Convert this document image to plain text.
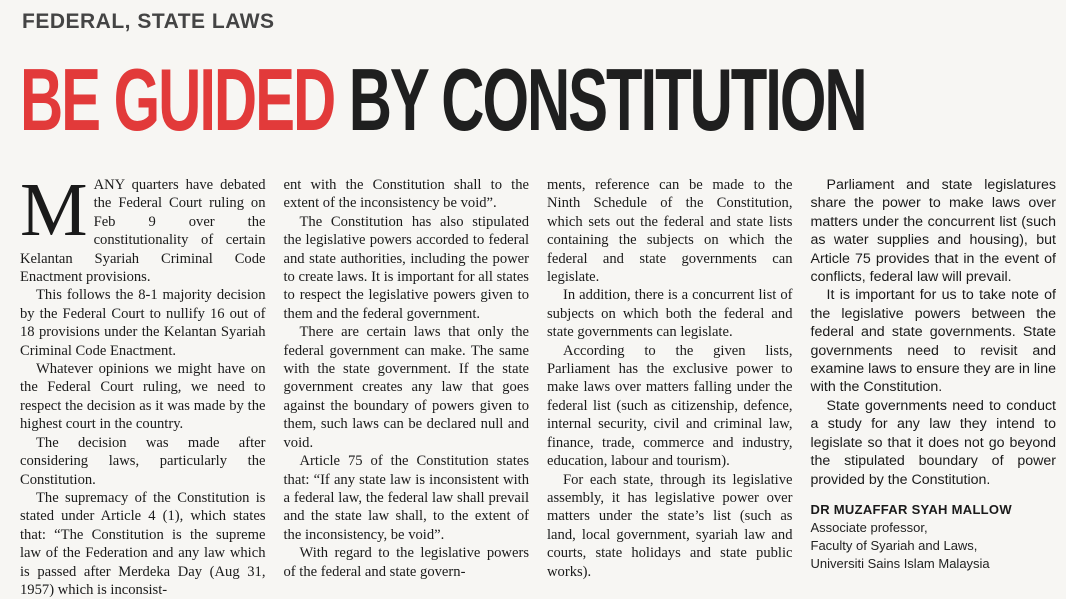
FEDERAL, STATE LAWS
BE GUIDED BY CONSTITUTION

MANY quarters have debated the Federal Court ruling on Feb 9 over the constitutionality of certain Kelantan Syariah Criminal Code Enactment provisions.

This follows the 8-1 majority decision by the Federal Court to nullify 16 out of 18 provisions under the Kelantan Syariah Criminal Code Enactment.

Whatever opinions we might have on the Federal Court ruling, we need to respect the decision as it was made by the highest court in the country.

The decision was made after considering laws, particularly the Constitution.

The supremacy of the Constitution is stated under Article 4 (1), which states that: “The Constitution is the supreme law of the Federation and any law which is passed after Merdeka Day (Aug 31, 1957) which is inconsist-

ent with the Constitution shall to the extent of the inconsistency be void”.

The Constitution has also stipulated the legislative powers accorded to federal and state authorities, including the power to create laws. It is important for all states to respect the legislative powers given to them and the federal government.

There are certain laws that only the federal government can make. The same with the state government. If the state government creates any law that goes against the boundary of powers given to them, such laws can be declared null and void.

Article 75 of the Constitution states that: “If any state law is inconsistent with a federal law, the federal law shall prevail and the state law shall, to the extent of the inconsistency, be void”.

With regard to the legislative powers of the federal and state govern-

ments, reference can be made to the Ninth Schedule of the Constitution, which sets out the federal and state lists containing the subjects on which the federal and state governments can legislate.

In addition, there is a concurrent list of subjects on which both the federal and state governments can legislate.

According to the given lists, Parliament has the exclusive power to make laws over matters falling under the federal list (such as citizenship, defence, internal security, civil and criminal law, finance, trade, commerce and industry, education, labour and tourism).

For each state, through its legislative assembly, it has legislative power over matters under the state’s list (such as land, local government, syariah law and courts, state holidays and state public works).

Parliament and state legislatures share the power to make laws over matters under the concurrent list (such as water supplies and housing), but Article 75 provides that in the event of conflicts, federal law will prevail.

It is important for us to take note of the legislative powers between the federal and state governments. State governments need to revisit and examine laws to ensure they are in line with the Constitution.

State governments need to conduct a study for any law they intend to legislate so that it does not go beyond the stipulated boundary of power provided by the Constitution.

DR MUZAFFAR SYAH MALLOW
Associate professor,
Faculty of Syariah and Laws,
Universiti Sains Islam Malaysia
